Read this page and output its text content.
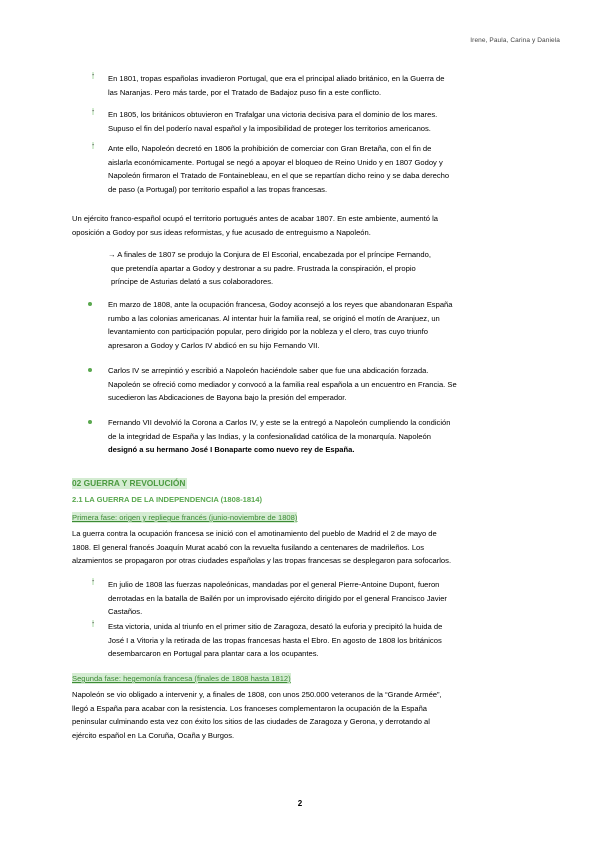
Irene, Paula, Carina y Daniela
- En 1801, tropas españolas invadieron Portugal, que era el principal aliado británico, en la Guerra de

las Naranjas. Pero más tarde, por el Tratado de Badajoz puso fin a este conflicto.

- En 1805, los británicos obtuvieron en Trafalgar una victoria decisiva para el dominio de los mares.

Supuso el fin del poderío naval español y la imposibilidad de proteger los territorios americanos.

- Ante ello, Napoleón decretó en 1806 la prohibición de comerciar con Gran Bretaña, con el fin de

aislarla económicamente. Portugal se negó a apoyar el bloqueo de Reino Unido y en 1807 Godoy y

Napoleón firmaron el Tratado de Fontainebleau, en el que se repartían dicho reino y se daba derecho

de paso (a Portugal) por territorio español a las tropas francesas.

Un ejército franco-español ocupó el territorio portugués antes de acabar 1807. En este ambiente, aumentó la

oposición a Godoy por sus ideas reformistas, y fue acusado de entreguismo a Napoleón.

→ A finales de 1807 se produjo la Conjura de El Escorial, encabezada por el príncipe Fernando,

que pretendía apartar a Godoy y destronar a su padre. Frustrada la conspiración, el propio

príncipe de Asturias delató a sus colaboradores.

En marzo de 1808, ante la ocupación francesa, Godoy aconsejó a los reyes que abandonaran España

rumbo a las colonias americanas. Al intentar huir la familia real, se originó el motín de Aranjuez, un

levantamiento con participación popular, pero dirigido por la nobleza y el clero, tras cuyo triunfo

apresaron a Godoy y Carlos IV abdicó en su hijo Fernando VII.

Carlos IV se arrepintió y escribió a Napoleón haciéndole saber que fue una abdicación forzada.

Napoleón se ofreció como mediador y convocó a la familia real española a un encuentro en Francia. Se

sucedieron las Abdicaciones de Bayona bajo la presión del emperador.

Fernando VII devolvió la Corona a Carlos IV, y este se la entregó a Napoleón cumpliendo la condición

de la integridad de España y las Indias, y la confesionalidad católica de la monarquía. Napoleón

designó a su hermano José I Bonaparte como nuevo rey de España.

02 GUERRA Y REVOLUCIÓN
2.1 LA GUERRA DE LA INDEPENDENCIA (1808-1814)
Primera fase: origen y repliegue francés (junio-noviembre de 1808)

La guerra contra la ocupación francesa se inició con el amotinamiento del pueblo de Madrid el 2 de mayo de

1808. El general francés Joaquín Murat acabó con la revuelta fusilando a centenares de madrileños. Los

alzamientos se propagaron por otras ciudades españolas y las tropas francesas se desplegaron para sofocarlos.

- En julio de 1808 las fuerzas napoleónicas, mandadas por el general Pierre-Antoine Dupont, fueron

derrotadas en la batalla de Bailén por un improvisado ejército dirigido por el general Francisco Javier

Castaños.

- Esta victoria, unida al triunfo en el primer sitio de Zaragoza, desató la euforia y precipitó la huida de

José I a Vitoria y la retirada de las tropas francesas hasta el Ebro. En agosto de 1808 los británicos

desembarcaron en Portugal para plantar cara a los ocupantes.

Segunda fase: hegemonía francesa (finales de 1808 hasta 1812)

Napoleón se vio obligado a intervenir y, a finales de 1808, con unos 250.000 veteranos de la “Grande Armée”,

llegó a España para acabar con la resistencia. Los franceses complementaron la ocupación de la España

peninsular culminando esta vez con éxito los sitios de las ciudades de Zaragoza y Gerona, y derrotando al

ejército español en La Coruña, Ocaña y Burgos.

2
